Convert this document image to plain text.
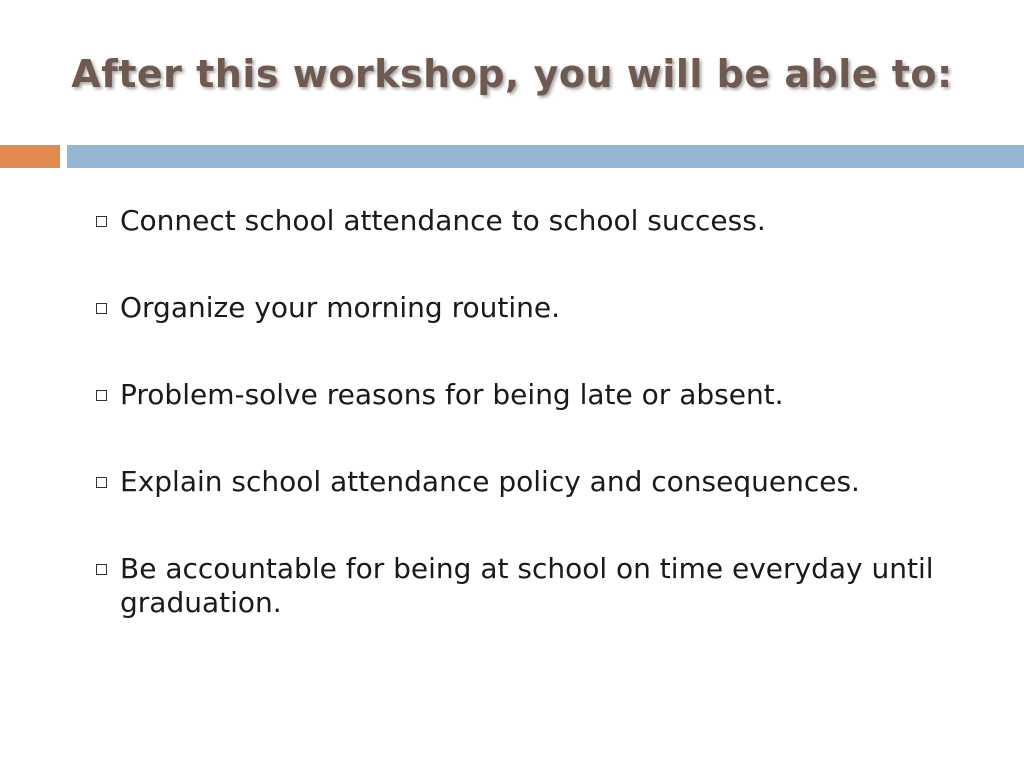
After this workshop, you will be able to:
Connect school attendance to school success.
Organize your morning routine.
Problem-solve reasons for being late or absent.
Explain school attendance policy and consequences.
Be accountable for being at school on time everyday until graduation.
